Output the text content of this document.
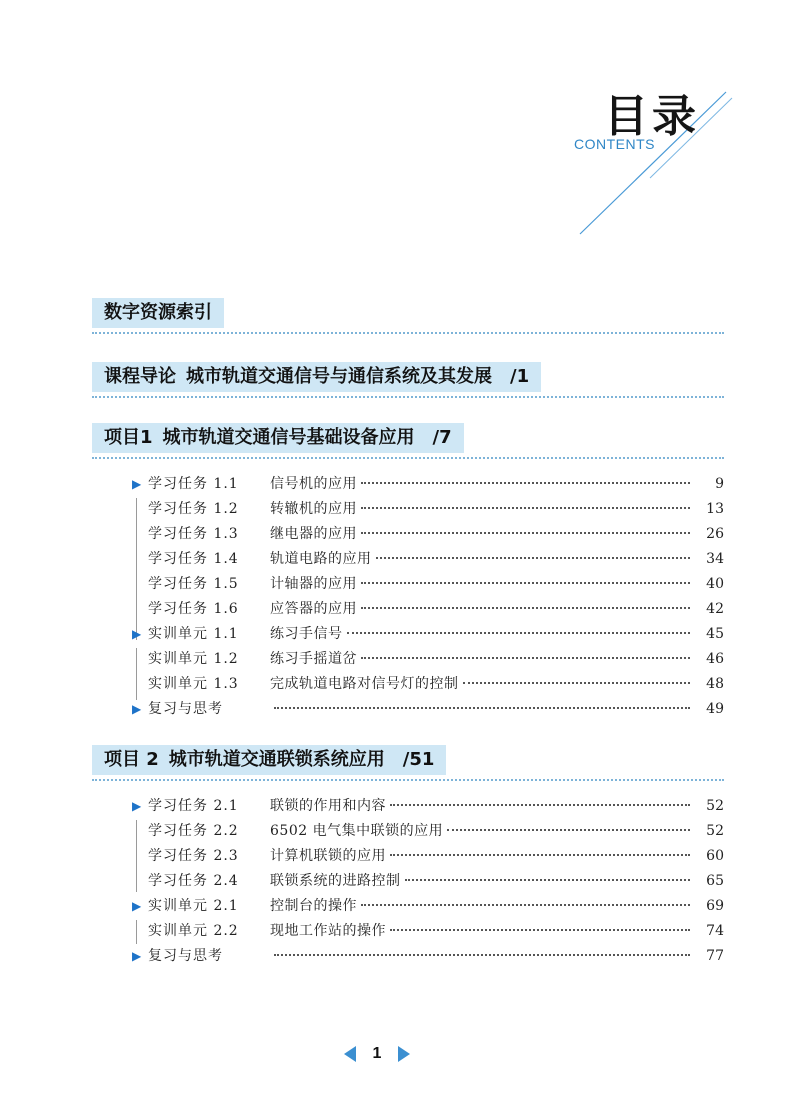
目录
CONTENTS
数字资源索引
课程导论 城市轨道交通信号与通信系统及其发展 /1
项目1 城市轨道交通信号基础设备应用 /7
▶ 学习任务 1.1	信号机的应用	9
学习任务 1.2	转辙机的应用	13
学习任务 1.3	继电器的应用	26
学习任务 1.4	轨道电路的应用	34
学习任务 1.5	计轴器的应用	40
学习任务 1.6	应答器的应用	42
▶ 实训单元 1.1	练习手信号	45
实训单元 1.2	练习手摇道岔	46
实训单元 1.3	完成轨道电路对信号灯的控制	48
▶ 复习与思考	49
项目 2 城市轨道交通联锁系统应用 /51
▶ 学习任务 2.1	联锁的作用和内容	52
学习任务 2.2	6502 电气集中联锁的应用	52
学习任务 2.3	计算机联锁的应用	60
学习任务 2.4	联锁系统的进路控制	65
▶ 实训单元 2.1	控制台的操作	69
实训单元 2.2	现地工作站的操作	74
▶ 复习与思考	77
1
